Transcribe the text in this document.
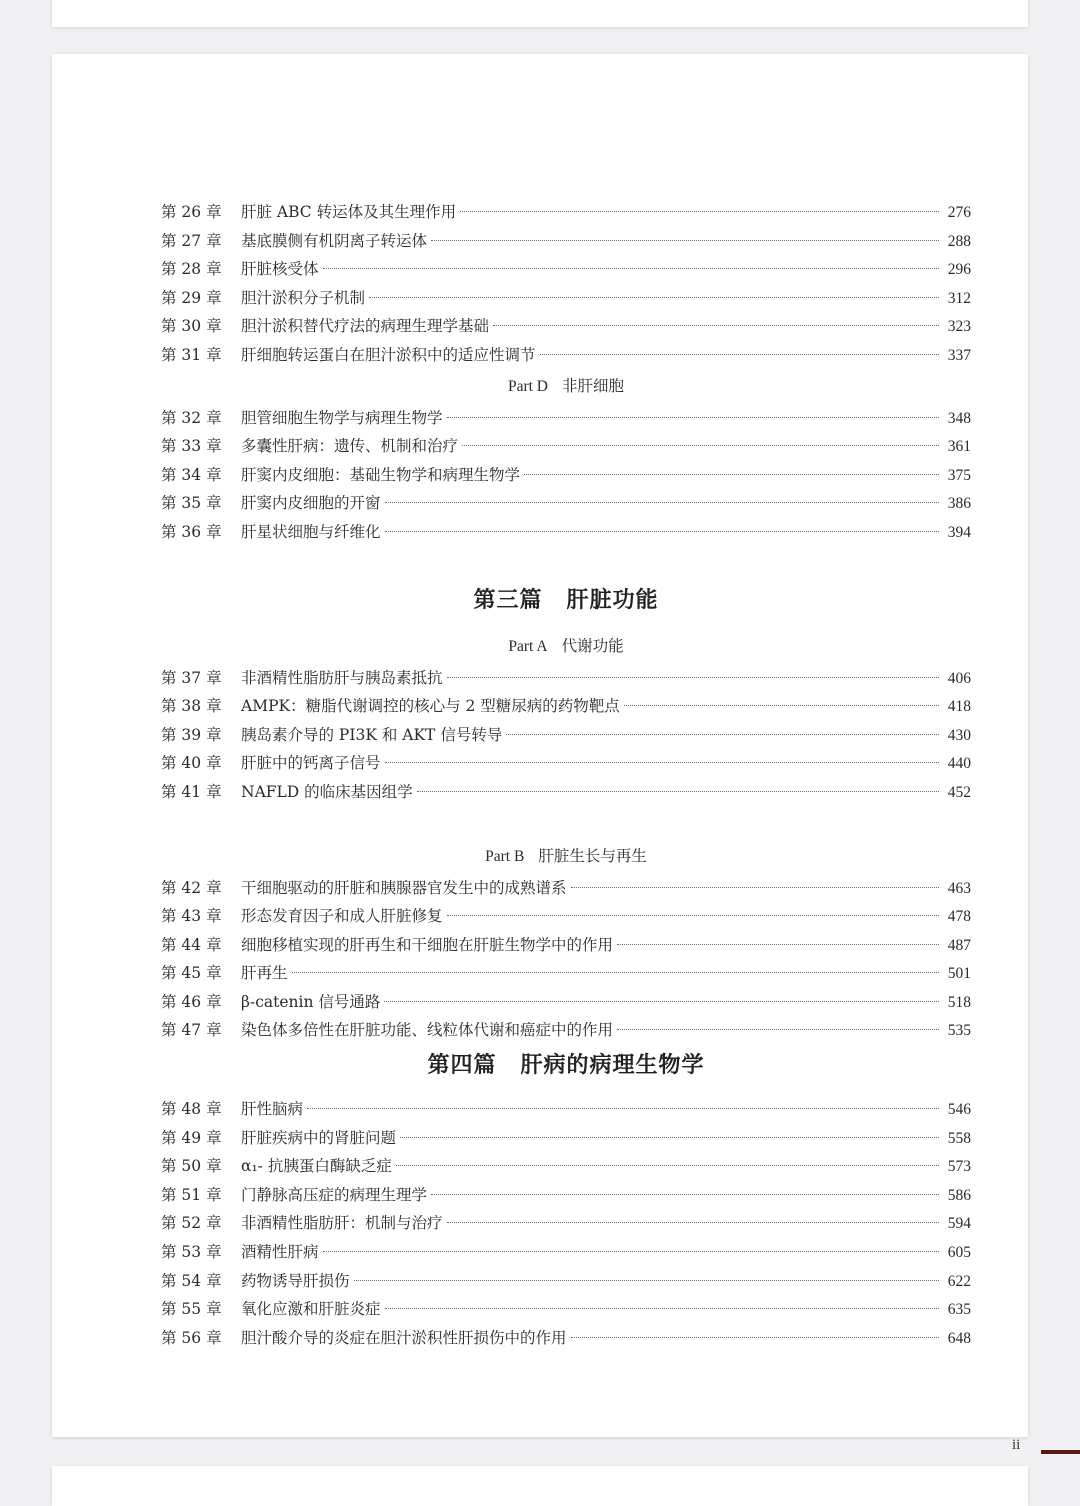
第 26 章	肝脏 ABC 转运体及其生理作用	276
第 27 章	基底膜侧有机阴离子转运体	288
第 28 章	肝脏核受体	296
第 29 章	胆汁淤积分子机制	312
第 30 章	胆汁淤积替代疗法的病理生理学基础	323
第 31 章	肝细胞转运蛋白在胆汁淤积中的适应性调节	337
Part D 非肝细胞
第 32 章	胆管细胞生物学与病理生物学	348
第 33 章	多囊性肝病：遗传、机制和治疗	361
第 34 章	肝窦内皮细胞：基础生物学和病理生物学	375
第 35 章	肝窦内皮细胞的开窗	386
第 36 章	肝星状细胞与纤维化	394
第三篇 肝脏功能
Part A 代谢功能
第 37 章	非酒精性脂肪肝与胰岛素抵抗	406
第 38 章	AMPK：糖脂代谢调控的核心与 2 型糖尿病的药物靶点	418
第 39 章	胰岛素介导的 PI3K 和 AKT 信号转导	430
第 40 章	肝脏中的钙离子信号	440
第 41 章	NAFLD 的临床基因组学	452
Part B 肝脏生长与再生
第 42 章	干细胞驱动的肝脏和胰腺器官发生中的成熟谱系	463
第 43 章	形态发育因子和成人肝脏修复	478
第 44 章	细胞移植实现的肝再生和干细胞在肝脏生物学中的作用	487
第 45 章	肝再生	501
第 46 章	β-catenin 信号通路	518
第 47 章	染色体多倍性在肝脏功能、线粒体代谢和癌症中的作用	535
第四篇 肝病的病理生物学
第 48 章	肝性脑病	546
第 49 章	肝脏疾病中的肾脏问题	558
第 50 章	α₁- 抗胰蛋白酶缺乏症	573
第 51 章	门静脉高压症的病理生理学	586
第 52 章	非酒精性脂肪肝：机制与治疗	594
第 53 章	酒精性肝病	605
第 54 章	药物诱导肝损伤	622
第 55 章	氧化应激和肝脏炎症	635
第 56 章	胆汁酸介导的炎症在胆汁淤积性肝损伤中的作用	648
ii
